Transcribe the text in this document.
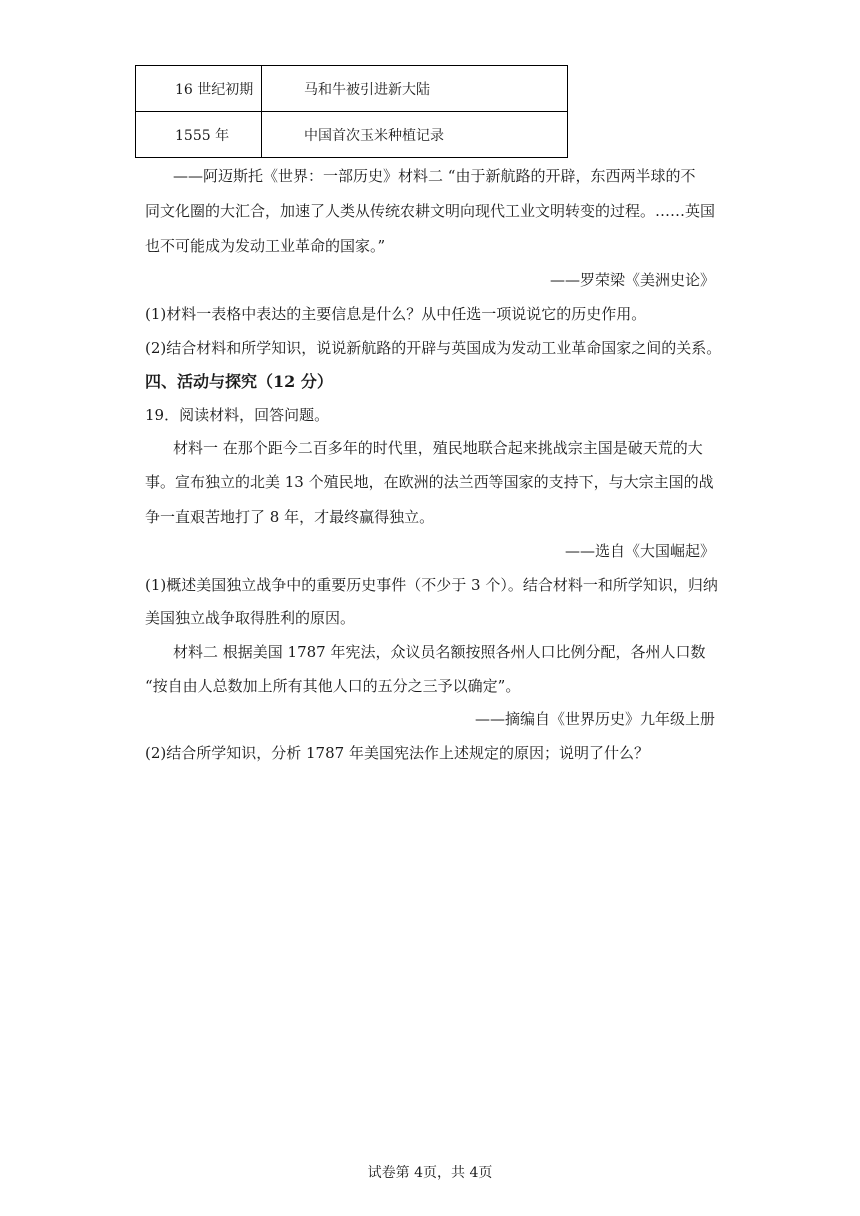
16 世纪初期	马和牛被引进新大陆
1555 年	中国首次玉米种植记录
——阿迈斯托《世界：一部历史》材料二 “由于新航路的开辟，东西两半球的不
同文化圈的大汇合，加速了人类从传统农耕文明向现代工业文明转变的过程。……英国
也不可能成为发动工业革命的国家。”
——罗荣梁《美洲史论》
(1)材料一表格中表达的主要信息是什么？从中任选一项说说它的历史作用。
(2)结合材料和所学知识，说说新航路的开辟与英国成为发动工业革命国家之间的关系。
四、活动与探究（12 分）
19．阅读材料，回答问题。
材料一 在那个距今二百多年的时代里，殖民地联合起来挑战宗主国是破天荒的大
事。宣布独立的北美 13 个殖民地，在欧洲的法兰西等国家的支持下，与大宗主国的战
争一直艰苦地打了 8 年，才最终赢得独立。
——选自《大国崛起》
(1)概述美国独立战争中的重要历史事件（不少于 3 个）。结合材料一和所学知识，归纳
美国独立战争取得胜利的原因。
材料二 根据美国 1787 年宪法，众议员名额按照各州人口比例分配，各州人口数
“按自由人总数加上所有其他人口的五分之三予以确定”。
——摘编自《世界历史》九年级上册
(2)结合所学知识，分析 1787 年美国宪法作上述规定的原因；说明了什么？
试卷第 4页，共 4页
